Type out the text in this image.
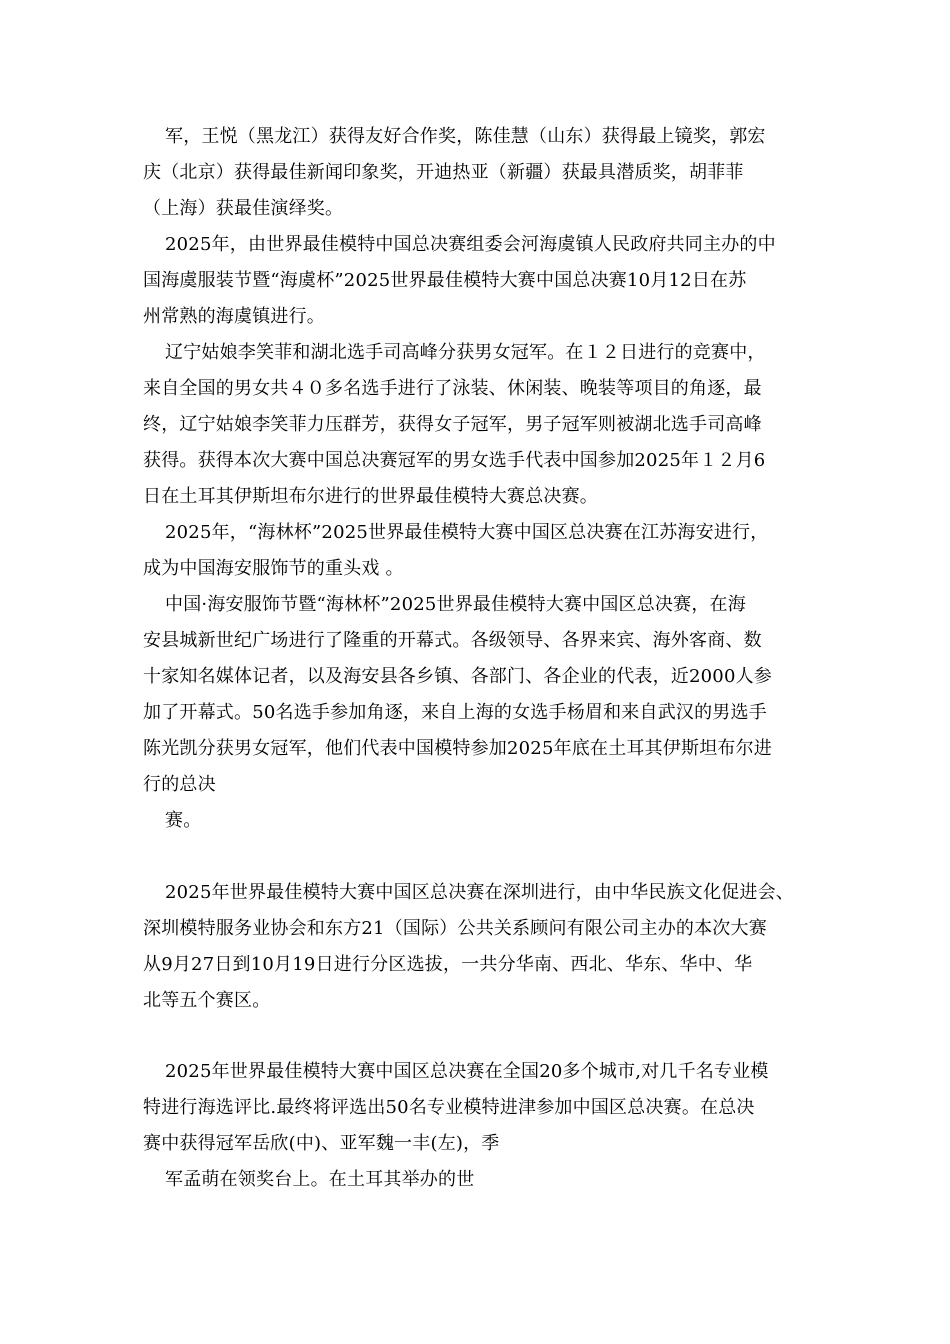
军，王悦（黑龙江）获得友好合作奖，陈佳慧（山东）获得最上镜奖，郭宏
庆（北京）获得最佳新闻印象奖，开迪热亚（新疆）获最具潜质奖，胡菲菲
（上海）获最佳演绎奖。
2025年，由世界最佳模特中国总决赛组委会河海虞镇人民政府共同主办的中
国海虞服装节暨“海虞杯”2025世界最佳模特大赛中国总决赛10月12日在苏
州常熟的海虞镇进行。
辽宁姑娘李笑菲和湖北选手司高峰分获男女冠军。在１２日进行的竞赛中，
来自全国的男女共４０多名选手进行了泳装、休闲装、晚装等项目的角逐，最
终，辽宁姑娘李笑菲力压群芳，获得女子冠军，男子冠军则被湖北选手司高峰
获得。获得本次大赛中国总决赛冠军的男女选手代表中国参加2025年１２月6
日在土耳其伊斯坦布尔进行的世界最佳模特大赛总决赛。
2025年，“海林杯”2025世界最佳模特大赛中国区总决赛在江苏海安进行，
成为中国海安服饰节的重头戏 。
中国·海安服饰节暨“海林杯”2025世界最佳模特大赛中国区总决赛，在海
安县城新世纪广场进行了隆重的开幕式。各级领导、各界来宾、海外客商、数
十家知名媒体记者，以及海安县各乡镇、各部门、各企业的代表，近2000人参
加了开幕式。50名选手参加角逐，来自上海的女选手杨眉和来自武汉的男选手
陈光凯分获男女冠军，他们代表中国模特参加2025年底在土耳其伊斯坦布尔进
行的总决
赛。
2025年世界最佳模特大赛中国区总决赛在深圳进行，由中华民族文化促进会、
深圳模特服务业协会和东方21（国际）公共关系顾问有限公司主办的本次大赛
从9月27日到10月19日进行分区选拔，一共分华南、西北、华东、华中、华
北等五个赛区。
2025年世界最佳模特大赛中国区总决赛在全国20多个城市,对几千名专业模
特进行海选评比.最终将评选出50名专业模特进津参加中国区总决赛。在总决
赛中获得冠军岳欣(中)、亚军魏一丰(左)，季
军孟萌在领奖台上。在土耳其举办的世
